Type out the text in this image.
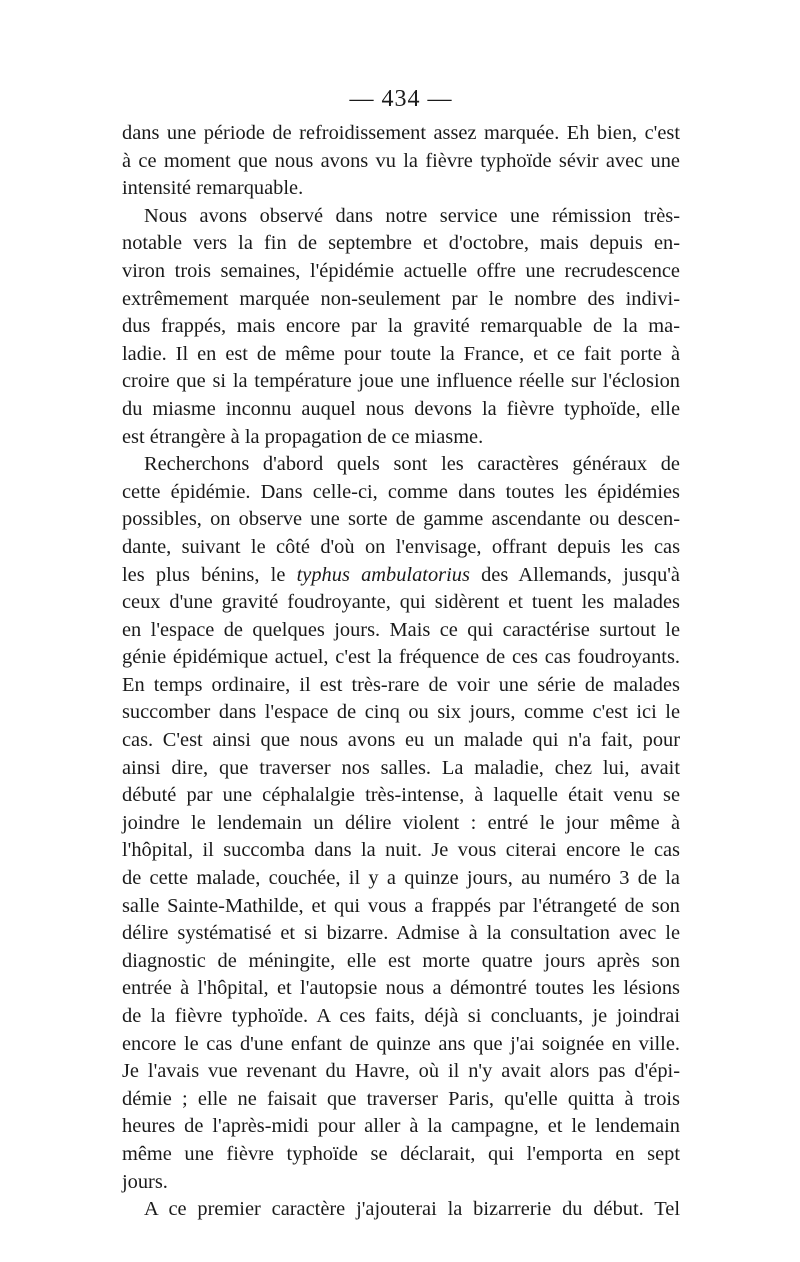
— 434 —

dans une période de refroidissement assez marquée. Eh bien, c'est
à ce moment que nous avons vu la fièvre typhoïde sévir avec une
intensité remarquable.

Nous avons observé dans notre service une rémission très-
notable vers la fin de septembre et d'octobre, mais depuis en-
viron trois semaines, l'épidémie actuelle offre une recrudescence
extrêmement marquée non-seulement par le nombre des indivi-
dus frappés, mais encore par la gravité remarquable de la ma-
ladie. Il en est de même pour toute la France, et ce fait porte à
croire que si la température joue une influence réelle sur l'éclosion
du miasme inconnu auquel nous devons la fièvre typhoïde, elle
est étrangère à la propagation de ce miasme.

Recherchons d'abord quels sont les caractères généraux de
cette épidémie. Dans celle-ci, comme dans toutes les épidémies
possibles, on observe une sorte de gamme ascendante ou descen-
dante, suivant le côté d'où on l'envisage, offrant depuis les cas
les plus bénins, le typhus ambulatorius des Allemands, jusqu'à
ceux d'une gravité foudroyante, qui sidèrent et tuent les malades
en l'espace de quelques jours. Mais ce qui caractérise surtout le
génie épidémique actuel, c'est la fréquence de ces cas foudroyants.
En temps ordinaire, il est très-rare de voir une série de malades
succomber dans l'espace de cinq ou six jours, comme c'est ici le
cas. C'est ainsi que nous avons eu un malade qui n'a fait, pour
ainsi dire, que traverser nos salles. La maladie, chez lui, avait
débuté par une céphalalgie très-intense, à laquelle était venu se
joindre le lendemain un délire violent : entré le jour même à
l'hôpital, il succomba dans la nuit. Je vous citerai encore le cas
de cette malade, couchée, il y a quinze jours, au numéro 3 de la
salle Sainte-Mathilde, et qui vous a frappés par l'étrangeté de son
délire systématisé et si bizarre. Admise à la consultation avec le
diagnostic de méningite, elle est morte quatre jours après son
entrée à l'hôpital, et l'autopsie nous a démontré toutes les lésions
de la fièvre typhoïde. A ces faits, déjà si concluants, je joindrai
encore le cas d'une enfant de quinze ans que j'ai soignée en ville.
Je l'avais vue revenant du Havre, où il n'y avait alors pas d'épi-
démie ; elle ne faisait que traverser Paris, qu'elle quitta à trois
heures de l'après-midi pour aller à la campagne, et le lendemain
même une fièvre typhoïde se déclarait, qui l'emporta en sept
jours.

A ce premier caractère j'ajouterai la bizarrerie du début. Tel
